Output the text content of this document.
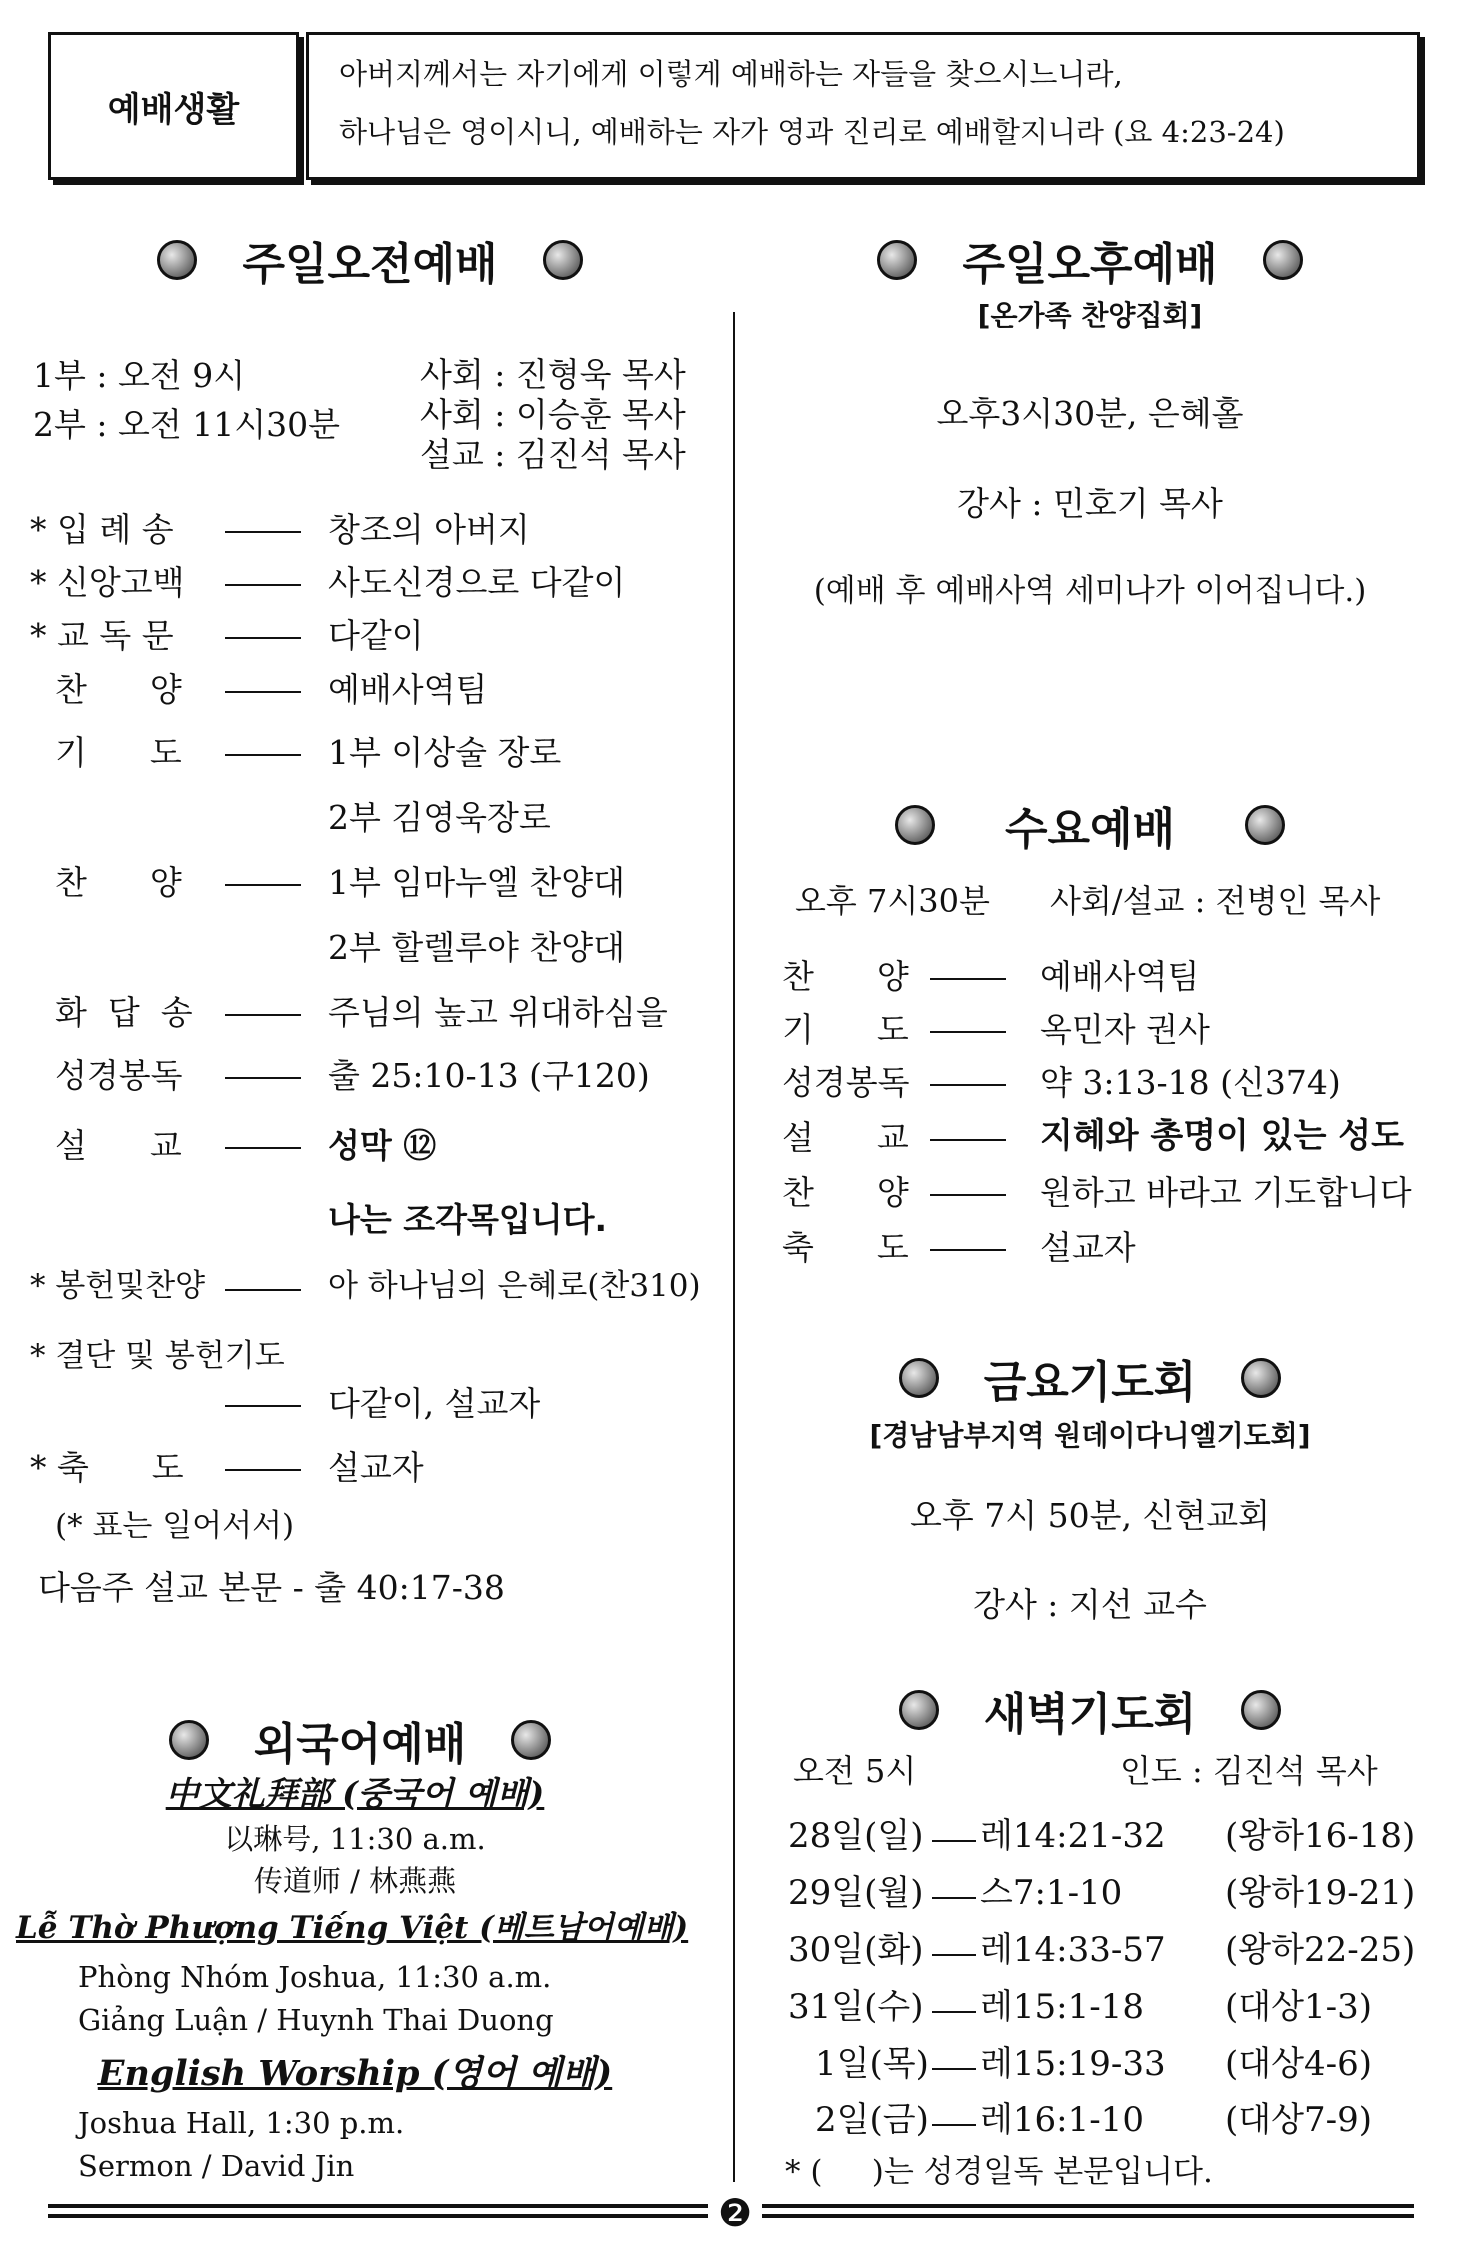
예배생활
아버지께서는 자기에게 이렇게 예배하는 자들을 찾으시느니라,
하나님은 영이시니, 예배하는 자가 영과 진리로 예배할지니라 (요 4:23-24)
주일오전예배
1부 : 오전 9시
2부 : 오전 11시30분
사회 : 진형욱 목사
사회 : 이승훈 목사
설교 : 김진석 목사
* 입 례 송	창조의 아버지
* 신앙고백	사도신경으로 다같이
* 교 독 문	다같이
찬      양	예배사역팀
기      도	1부 이상술 장로
2부 김영욱장로
찬      양	1부 임마누엘 찬양대
2부 할렐루야 찬양대
화  답  송	주님의 높고 위대하심을
성경봉독	출 25:10-13 (구120)
설      교	성막 ⑫
나는 조각목입니다.
* 봉헌및찬양	아 하나님의 은혜로(찬310)
* 결단 및 봉헌기도
다같이, 설교자
* 축      도	설교자
(* 표는 일어서서)
다음주 설교 본문 - 출 40:17-38
외국어예배
中文礼拜部 (중국어 예배)
以琳号, 11:30 a.m.
传道师 / 林燕燕
Lễ Thờ Phượng Tiếng Việt (베트남어예배)
Phòng Nhóm Joshua, 11:30 a.m.
Giảng Luận / Huynh Thai Duong
English Worship (영어 예배)
Joshua Hall, 1:30 p.m.
Sermon / David Jin
주일오후예배
[온가족 찬양집회]
오후3시30분, 은혜홀
강사 : 민호기 목사
(예배 후 예배사역 세미나가 이어집니다.)
수요예배
오후 7시30분 사회/설교 : 전병인 목사
찬      양	예배사역팀
기      도	옥민자 권사
성경봉독	약 3:13-18 (신374)
설      교	지혜와 총명이 있는 성도
찬      양	원하고 바라고 기도합니다
축      도	설교자
금요기도회
[경남남부지역 원데이다니엘기도회]
오후 7시 50분, 신현교회
강사 : 지선 교수
새벽기도회
오전 5시	인도 : 김진석 목사
28일(일) 레14:21-32 (왕하16-18)
29일(월) 스7:1-10	(왕하19-21)
30일(화) 레14:33-57 (왕하22-25)
31일(수) 레15:1-18 (대상1-3)
1일(목) 레15:19-33 (대상4-6)
2일(금) 레16:1-10 (대상7-9)
* (     )는 성경일독 본문입니다.
❷
